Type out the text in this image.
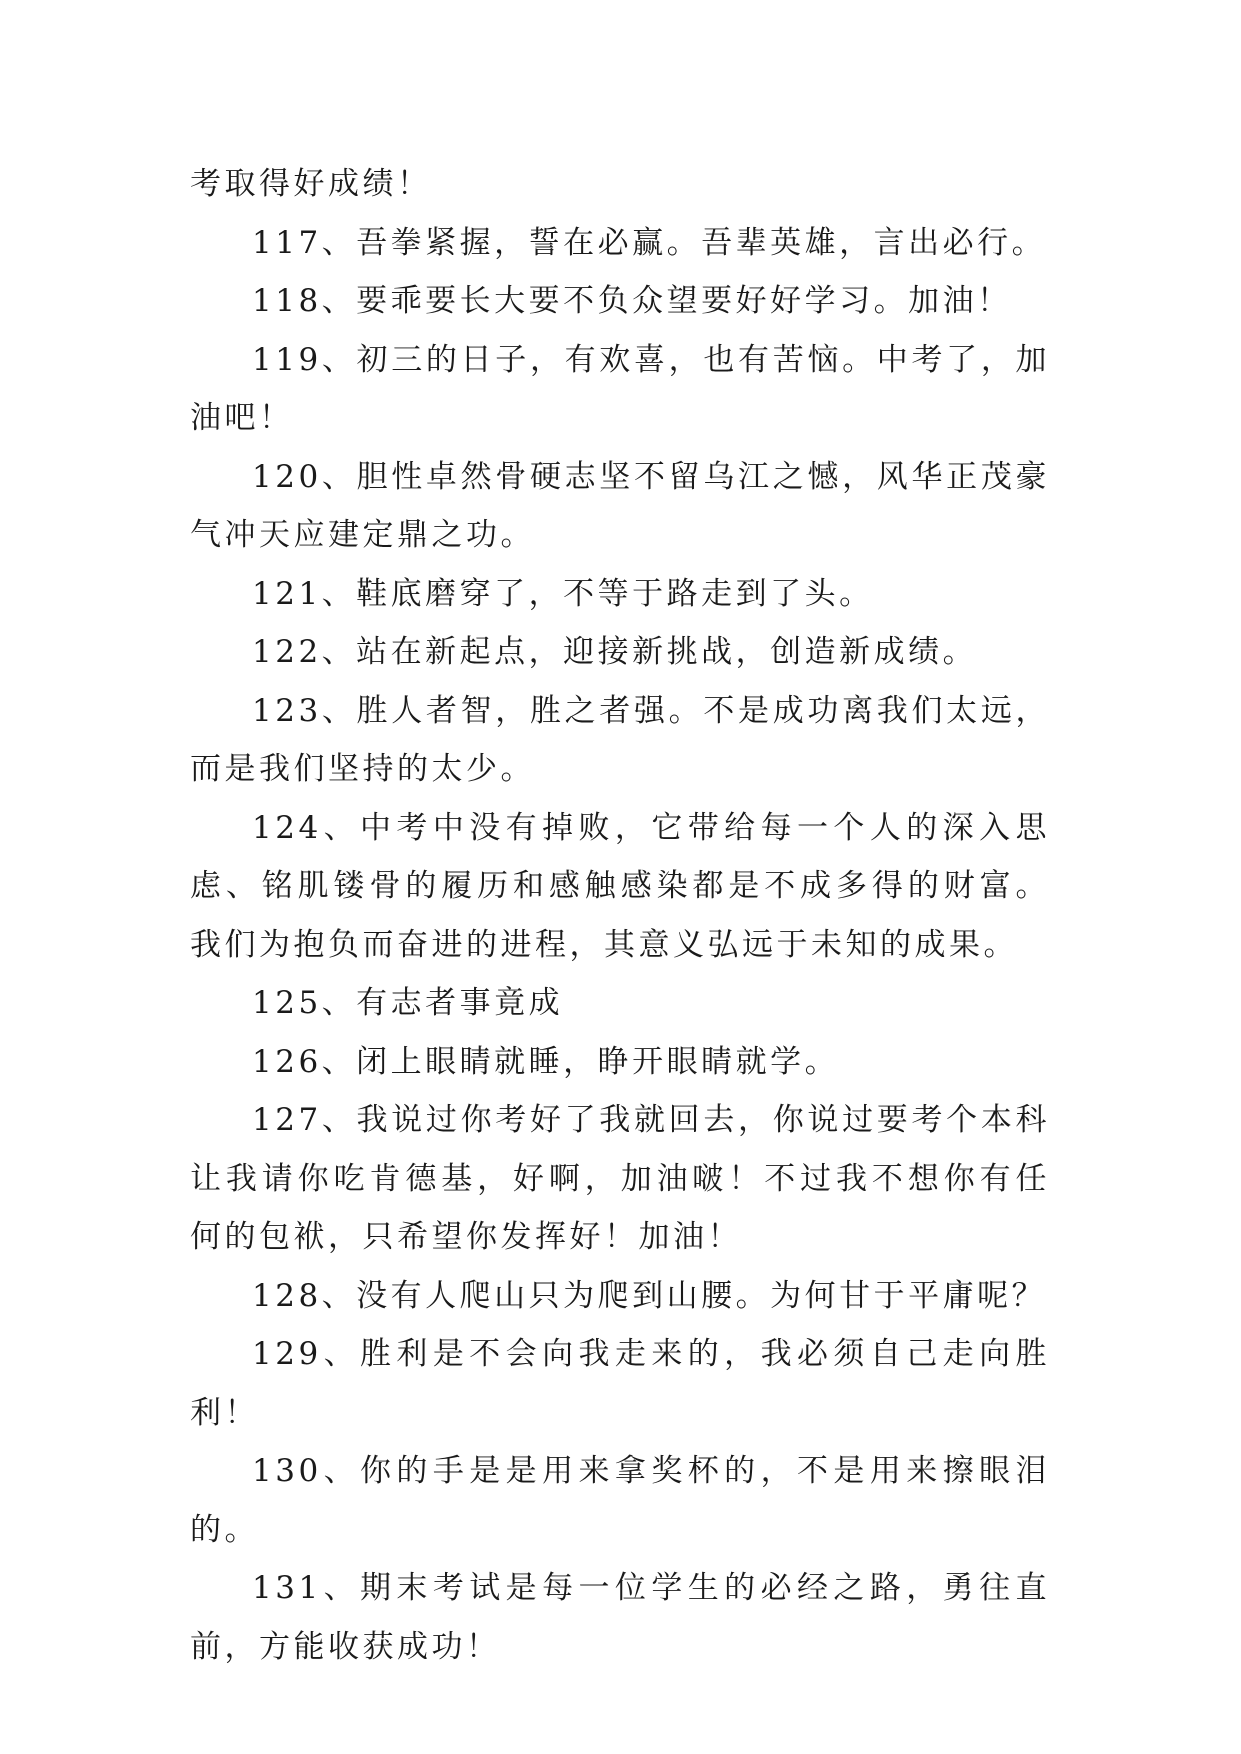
考取得好成绩！

117、吾拳紧握，誓在必赢。吾辈英雄，言出必行。

118、要乖要长大要不负众望要好好学习。加油！

119、初三的日子，有欢喜，也有苦恼。中考了，加油吧！

120、胆性卓然骨硬志坚不留乌江之憾，风华正茂豪气冲天应建定鼎之功。

121、鞋底磨穿了，不等于路走到了头。

122、站在新起点，迎接新挑战，创造新成绩。

123、胜人者智，胜之者强。不是成功离我们太远，而是我们坚持的太少。

124、中考中没有掉败，它带给每一个人的深入思虑、铭肌镂骨的履历和感触感染都是不成多得的财富。我们为抱负而奋进的进程，其意义弘远于未知的成果。

125、有志者事竟成

126、闭上眼睛就睡，睁开眼睛就学。

127、我说过你考好了我就回去，你说过要考个本科让我请你吃肯德基，好啊，加油啵！不过我不想你有任何的包袱，只希望你发挥好！加油！

128、没有人爬山只为爬到山腰。为何甘于平庸呢？

129、胜利是不会向我走来的，我必须自己走向胜利！

130、你的手是是用来拿奖杯的，不是用来擦眼泪的。

131、期末考试是每一位学生的必经之路，勇往直前，方能收获成功！
